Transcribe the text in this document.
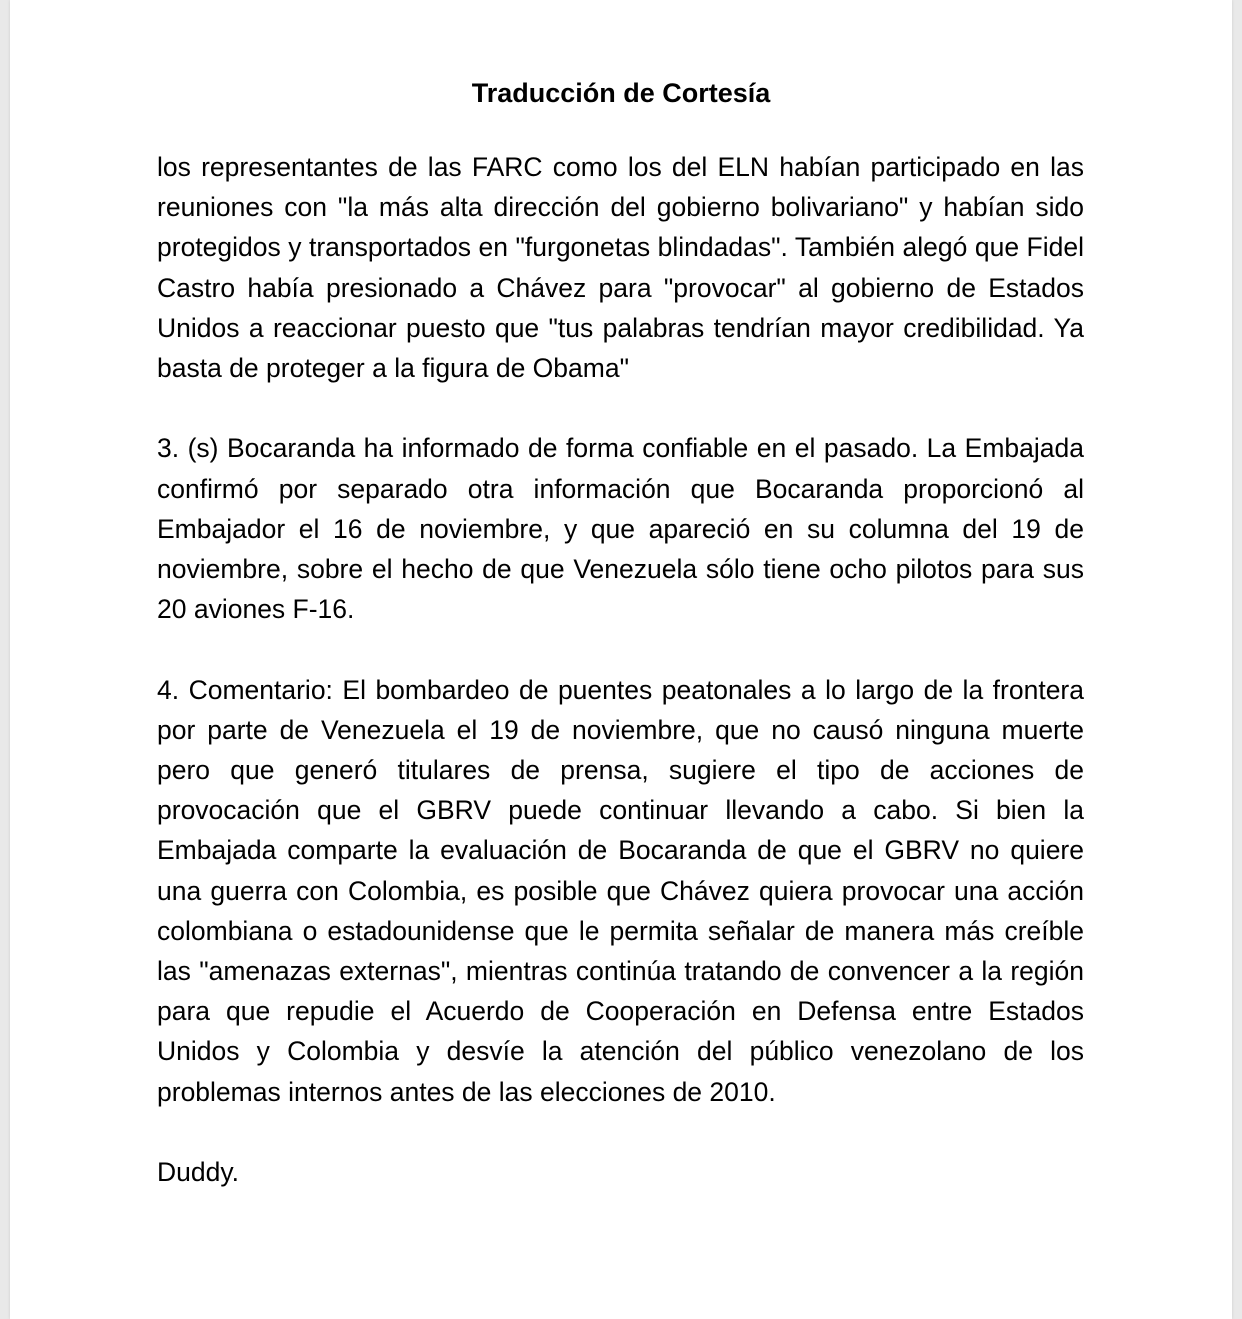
Traducción de Cortesía

los representantes de las FARC como los del ELN habían participado en las reuniones con "la más alta dirección del gobierno bolivariano" y habían sido protegidos y transportados en "furgonetas blindadas". También alegó que Fidel Castro había presionado a Chávez para "provocar" al gobierno de Estados Unidos a reaccionar puesto que "tus palabras tendrían mayor credibilidad. Ya basta de proteger a la figura de Obama"

3. (s) Bocaranda ha informado de forma confiable en el pasado. La Embajada confirmó por separado otra información que Bocaranda proporcionó al Embajador el 16 de noviembre, y que apareció en su columna del 19 de noviembre, sobre el hecho de que Venezuela sólo tiene ocho pilotos para sus 20 aviones F-16.

4. Comentario: El bombardeo de puentes peatonales a lo largo de la frontera por parte de Venezuela el 19 de noviembre, que no causó ninguna muerte pero que generó titulares de prensa, sugiere el tipo de acciones de provocación que el GBRV puede continuar llevando a cabo. Si bien la Embajada comparte la evaluación de Bocaranda de que el GBRV no quiere una guerra con Colombia, es posible que Chávez quiera provocar una acción colombiana o estadounidense que le permita señalar de manera más creíble las "amenazas externas", mientras continúa tratando de convencer a la región para que repudie el Acuerdo de Cooperación en Defensa entre Estados Unidos y Colombia y desvíe la atención del público venezolano de los problemas internos antes de las elecciones de 2010.

Duddy.
